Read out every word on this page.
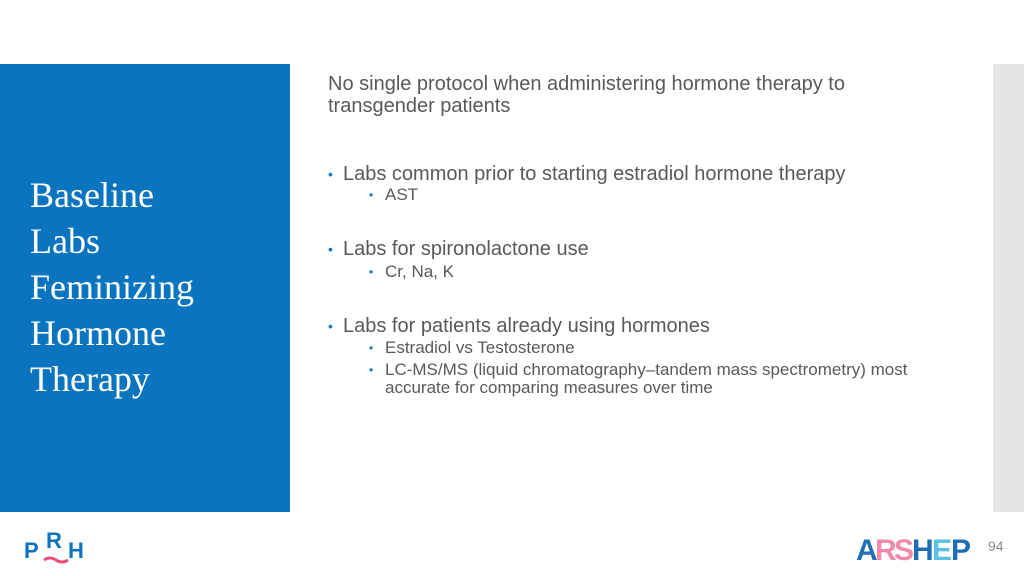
Baseline
Labs
Feminizing
Hormone
Therapy

No single protocol when administering hormone therapy to transgender patients

• Labs common prior to starting estradiol hormone therapy
• AST
• Labs for spironolactone use
• Cr, Na, K
• Labs for patients already using hormones
• Estradiol vs Testosterone
• LC-MS/MS (liquid chromatography–tandem mass spectrometry) most accurate for comparing measures over time
P R H	A
R
S
H
E
P 94
